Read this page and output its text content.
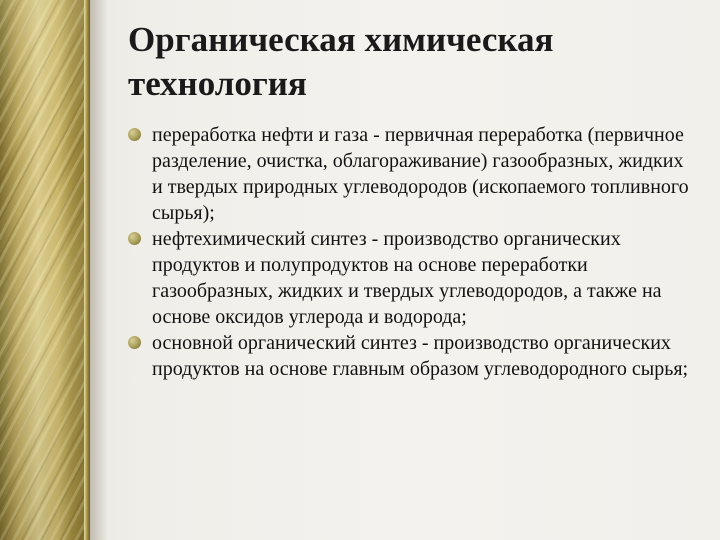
Органическая химическая технология
переработка нефти и газа - первичная переработка (первичное разделение, очистка, облагораживание) газообразных, жидких и твердых природных углеводородов (ископаемого топливного сырья);
нефтехимический синтез - производство органических продуктов и полупродуктов на основе переработки газообразных, жидких и твердых углеводородов, а также на основе оксидов углерода и водорода;
основной органический синтез - производство органических продуктов на основе главным образом углеводородного сырья;
